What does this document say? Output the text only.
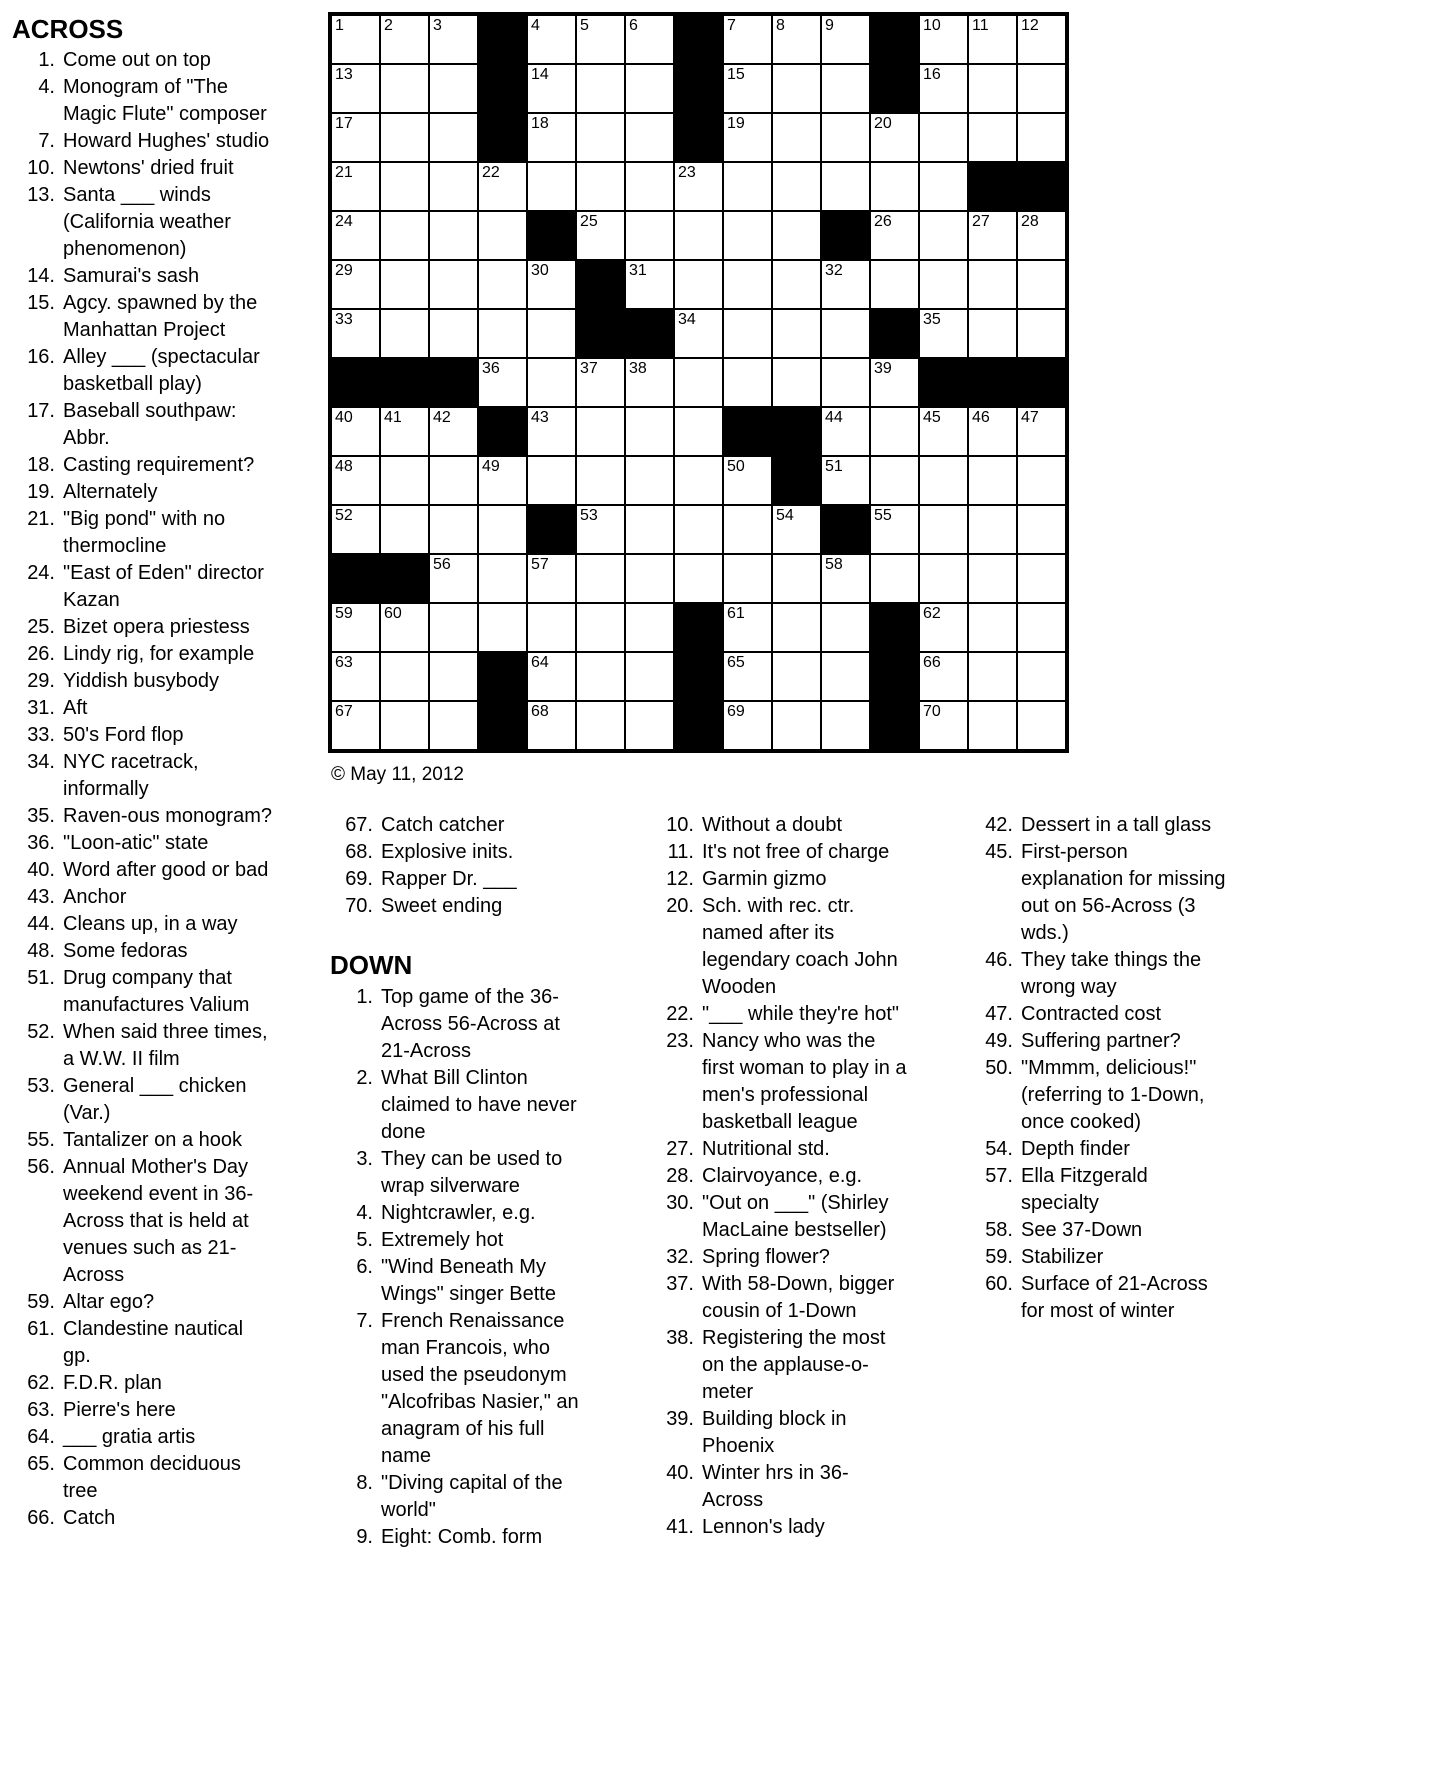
ACROSS
1. Come out on top
4. Monogram of "The
Magic Flute" composer
7. Howard Hughes' studio
10. Newtons' dried fruit
13. Santa ___ winds
(California weather
phenomenon)
14. Samurai's sash
15. Agcy. spawned by the
Manhattan Project
16. Alley ___ (spectacular
basketball play)
17. Baseball southpaw:
Abbr.
18. Casting requirement?
19. Alternately
21. "Big pond" with no
thermocline
24. "East of Eden" director
Kazan
25. Bizet opera priestess
26. Lindy rig, for example
29. Yiddish busybody
31. Aft
33. 50's Ford flop
34. NYC racetrack,
informally
35. Raven-ous monogram?
36. "Loon-atic" state
40. Word after good or bad
43. Anchor
44. Cleans up, in a way
48. Some fedoras
51. Drug company that
manufactures Valium
52. When said three times,
a W.W. II film
53. General ___ chicken
(Var.)
55. Tantalizer on a hook
56. Annual Mother's Day
weekend event in 36-
Across that is held at
venues such as 21-
Across
59. Altar ego?
61. Clandestine nautical
gp.
62. F.D.R. plan
63. Pierre's here
64. ___ gratia artis
65. Common deciduous
tree
66. Catch
1	2	3	4	5	6	7	8	9	10 11 12
13	14	15	16
17	18	19	20
21	22	23
24	25	26	27 28
29	30	31	32
33	34	35
36	37 38	39
40 41 42	43	44	45 46 47
48	49	50	51
52	53	54	55
56	57	58
59 60	61	62
63	64	65	66
67	68	69	70
© May 11, 2012
67. Catch catcher
68. Explosive inits.
69. Rapper Dr. ___
70. Sweet ending
DOWN
1. Top game of the 36-
Across 56-Across at
21-Across
2. What Bill Clinton
claimed to have never
done
3. They can be used to
wrap silverware
4. Nightcrawler, e.g.
5. Extremely hot
6. "Wind Beneath My
Wings" singer Bette
7. French Renaissance
man Francois, who
used the pseudonym
"Alcofribas Nasier," an
anagram of his full
name
8. "Diving capital of the
world"
9. Eight: Comb. form
10. Without a doubt
11. It's not free of charge
12. Garmin gizmo
20. Sch. with rec. ctr.
named after its
legendary coach John
Wooden
22. "___ while they're hot"
23. Nancy who was the
first woman to play in a
men's professional
basketball league
27. Nutritional std.
28. Clairvoyance, e.g.
30. "Out on ___" (Shirley
MacLaine bestseller)
32. Spring flower?
37. With 58-Down, bigger
cousin of 1-Down
38. Registering the most
on the applause-o-
meter
39. Building block in
Phoenix
40. Winter hrs in 36-
Across
41. Lennon's lady
42. Dessert in a tall glass
45. First-person
explanation for missing
out on 56-Across (3
wds.)
46. They take things the
wrong way
47. Contracted cost
49. Suffering partner?
50. "Mmmm, delicious!"
(referring to 1-Down,
once cooked)
54. Depth finder
57. Ella Fitzgerald
specialty
58. See 37-Down
59. Stabilizer
60. Surface of 21-Across
for most of winter
